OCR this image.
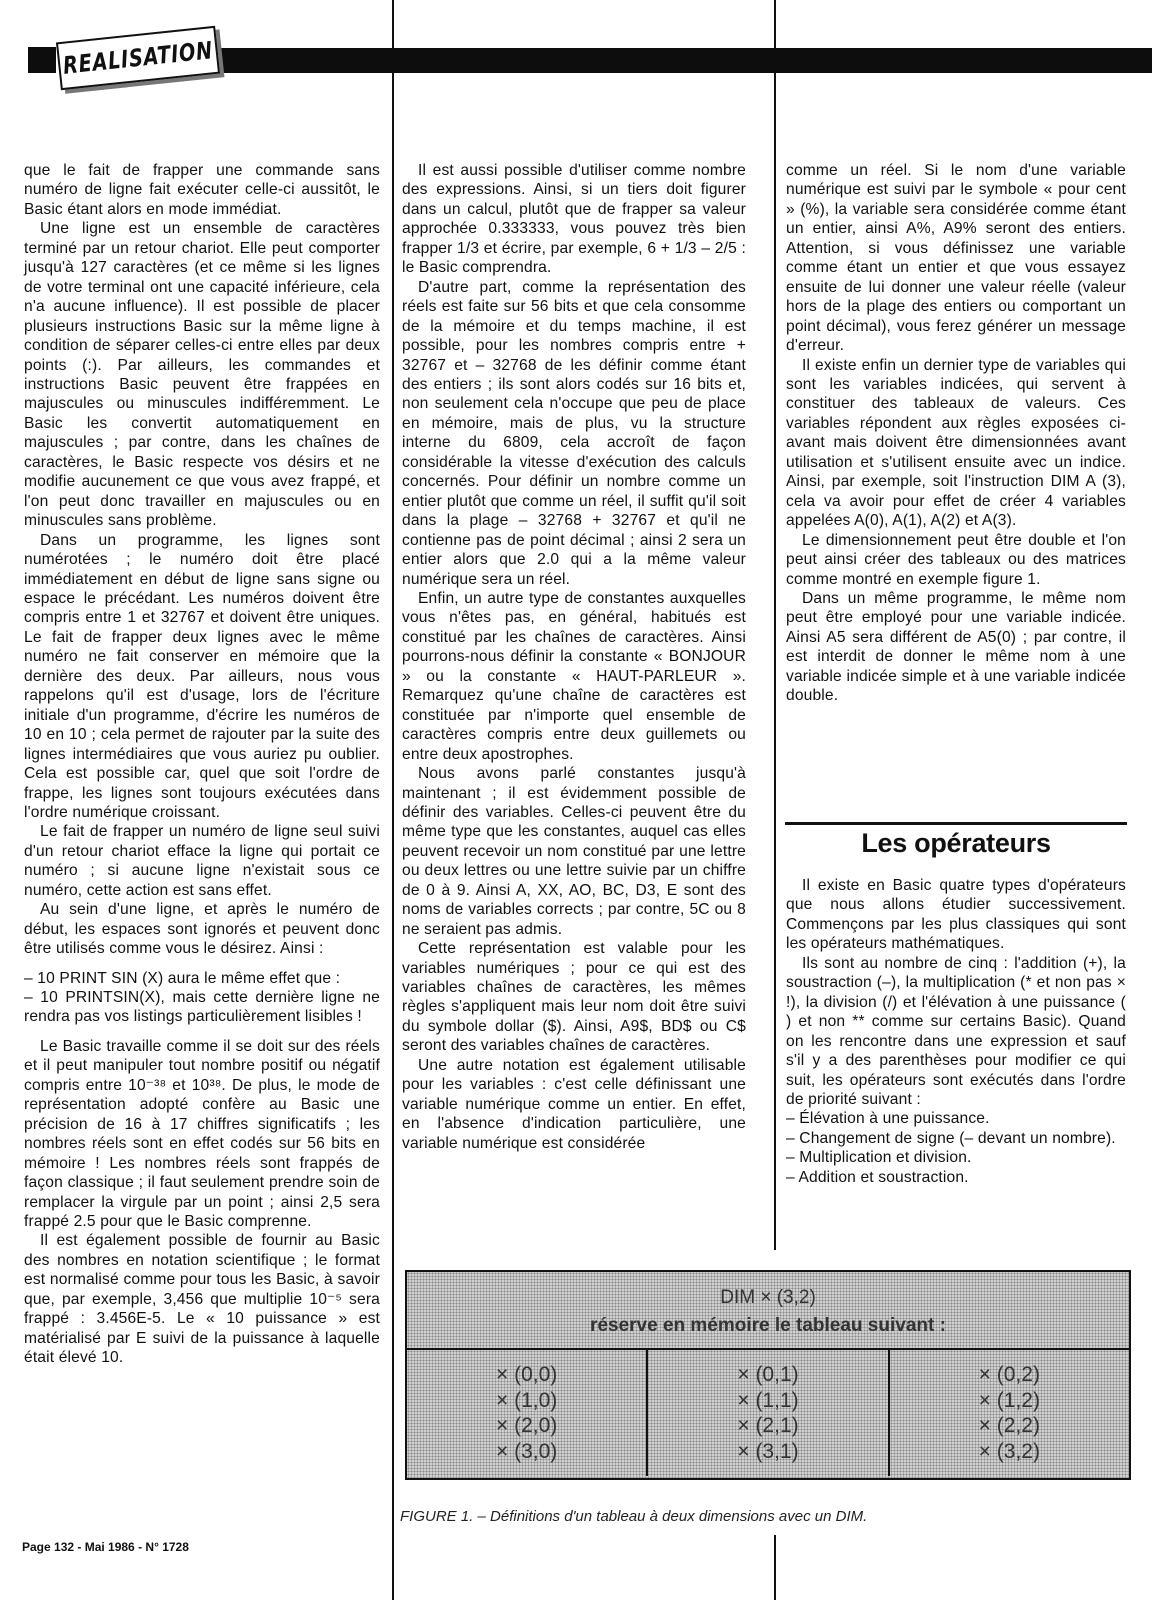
REALISATION

que le fait de frapper une commande sans numéro de ligne fait exécuter celle-ci aussitôt, le Basic étant alors en mode immédiat.

Une ligne est un ensemble de caractères terminé par un retour chariot. Elle peut comporter jusqu'à 127 caractères (et ce même si les lignes de votre terminal ont une capacité inférieure, cela n'a aucune influence). Il est possible de placer plusieurs instructions Basic sur la même ligne à condition de séparer celles-ci entre elles par deux points (:). Par ailleurs, les commandes et instructions Basic peuvent être frappées en majuscules ou minuscules indifféremment. Le Basic les convertit automatiquement en majuscules ; par contre, dans les chaînes de caractères, le Basic respecte vos désirs et ne modifie aucunement ce que vous avez frappé, et l'on peut donc travailler en majuscules ou en minuscules sans problème.

Dans un programme, les lignes sont numérotées ; le numéro doit être placé immédiatement en début de ligne sans signe ou espace le précédant. Les numéros doivent être compris entre 1 et 32767 et doivent être uniques. Le fait de frapper deux lignes avec le même numéro ne fait conserver en mémoire que la dernière des deux. Par ailleurs, nous vous rappelons qu'il est d'usage, lors de l'écriture initiale d'un programme, d'écrire les numéros de 10 en 10 ; cela permet de rajouter par la suite des lignes intermédiaires que vous auriez pu oublier. Cela est possible car, quel que soit l'ordre de frappe, les lignes sont toujours exécutées dans l'ordre numérique croissant.

Le fait de frapper un numéro de ligne seul suivi d'un retour chariot efface la ligne qui portait ce numéro ; si aucune ligne n'existait sous ce numéro, cette action est sans effet.

Au sein d'une ligne, et après le numéro de début, les espaces sont ignorés et peuvent donc être utilisés comme vous le désirez. Ainsi :

– 10 PRINT SIN (X) aura le même effet que :

– 10 PRINTSIN(X), mais cette dernière ligne ne rendra pas vos listings particulièrement lisibles !

Le Basic travaille comme il se doit sur des réels et il peut manipuler tout nombre positif ou négatif compris entre 10⁻³⁸ et 10³⁸. De plus, le mode de représentation adopté confère au Basic une précision de 16 à 17 chiffres significatifs ; les nombres réels sont en effet codés sur 56 bits en mémoire ! Les nombres réels sont frappés de façon classique ; il faut seulement prendre soin de remplacer la virgule par un point ; ainsi 2,5 sera frappé 2.5 pour que le Basic comprenne.

Il est également possible de fournir au Basic des nombres en notation scientifique ; le format est normalisé comme pour tous les Basic, à savoir que, par exemple, 3,456 que multiplie 10⁻⁵ sera frappé : 3.456E-5. Le « 10 puissance » est matérialisé par E suivi de la puissance à laquelle était élevé 10.

Il est aussi possible d'utiliser comme nombre des expressions. Ainsi, si un tiers doit figurer dans un calcul, plutôt que de frapper sa valeur approchée 0.333333, vous pouvez très bien frapper 1/3 et écrire, par exemple, 6 + 1/3 – 2/5 : le Basic comprendra.

D'autre part, comme la représentation des réels est faite sur 56 bits et que cela consomme de la mémoire et du temps machine, il est possible, pour les nombres compris entre + 32767 et – 32768 de les définir comme étant des entiers ; ils sont alors codés sur 16 bits et, non seulement cela n'occupe que peu de place en mémoire, mais de plus, vu la structure interne du 6809, cela accroît de façon considérable la vitesse d'exécution des calculs concernés. Pour définir un nombre comme un entier plutôt que comme un réel, il suffit qu'il soit dans la plage – 32768 + 32767 et qu'il ne contienne pas de point décimal ; ainsi 2 sera un entier alors que 2.0 qui a la même valeur numérique sera un réel.

Enfin, un autre type de constantes auxquelles vous n'êtes pas, en général, habitués est constitué par les chaînes de caractères. Ainsi pourrons-nous définir la constante « BONJOUR » ou la constante « HAUT-PARLEUR ». Remarquez qu'une chaîne de caractères est constituée par n'importe quel ensemble de caractères compris entre deux guillemets ou entre deux apostrophes.

Nous avons parlé constantes jusqu'à maintenant ; il est évidemment possible de définir des variables. Celles-ci peuvent être du même type que les constantes, auquel cas elles peuvent recevoir un nom constitué par une lettre ou deux lettres ou une lettre suivie par un chiffre de 0 à 9. Ainsi A, XX, AO, BC, D3, E sont des noms de variables corrects ; par contre, 5C ou 8 ne seraient pas admis.

Cette représentation est valable pour les variables numériques ; pour ce qui est des variables chaînes de caractères, les mêmes règles s'appliquent mais leur nom doit être suivi du symbole dollar ($). Ainsi, A9$, BD$ ou C$ seront des variables chaînes de caractères.

Une autre notation est également utilisable pour les variables : c'est celle définissant une variable numérique comme un entier. En effet, en l'absence d'indication particulière, une variable numérique est considérée

comme un réel. Si le nom d'une variable numérique est suivi par le symbole « pour cent » (%), la variable sera considérée comme étant un entier, ainsi A%, A9% seront des entiers. Attention, si vous définissez une variable comme étant un entier et que vous essayez ensuite de lui donner une valeur réelle (valeur hors de la plage des entiers ou comportant un point décimal), vous ferez générer un message d'erreur.

Il existe enfin un dernier type de variables qui sont les variables indicées, qui servent à constituer des tableaux de valeurs. Ces variables répondent aux règles exposées ci-avant mais doivent être dimensionnées avant utilisation et s'utilisent ensuite avec un indice. Ainsi, par exemple, soit l'instruction DIM A (3), cela va avoir pour effet de créer 4 variables appelées A(0), A(1), A(2) et A(3).

Le dimensionnement peut être double et l'on peut ainsi créer des tableaux ou des matrices comme montré en exemple figure 1.

Dans un même programme, le même nom peut être employé pour une variable indicée. Ainsi A5 sera différent de A5(0) ; par contre, il est interdit de donner le même nom à une variable indicée simple et à une variable indicée double.

Les opérateurs

Il existe en Basic quatre types d'opérateurs que nous allons étudier successivement. Commençons par les plus classiques qui sont les opérateurs mathématiques.

Ils sont au nombre de cinq : l'addition (+), la soustraction (–), la multiplication (* et non pas × !), la division (/) et l'élévation à une puissance ( ) et non ** comme sur certains Basic). Quand on les rencontre dans une expression et sauf s'il y a des parenthèses pour modifier ce qui suit, les opérateurs sont exécutés dans l'ordre de priorité suivant :

– Élévation à une puissance.

– Changement de signe (– devant un nombre).

– Multiplication et division.

– Addition et soustraction.

DIM × (3,2)
réserve en mémoire le tableau suivant :
× (0,0)
× (1,0)
× (2,0)
× (3,0)
× (0,1)
× (1,1)
× (2,1)
× (3,1)
× (0,2)
× (1,2)
× (2,2)
× (3,2)
FIGURE 1. – Définitions d'un tableau à deux dimensions avec un DIM.
Page 132 - Mai 1986 - N° 1728
